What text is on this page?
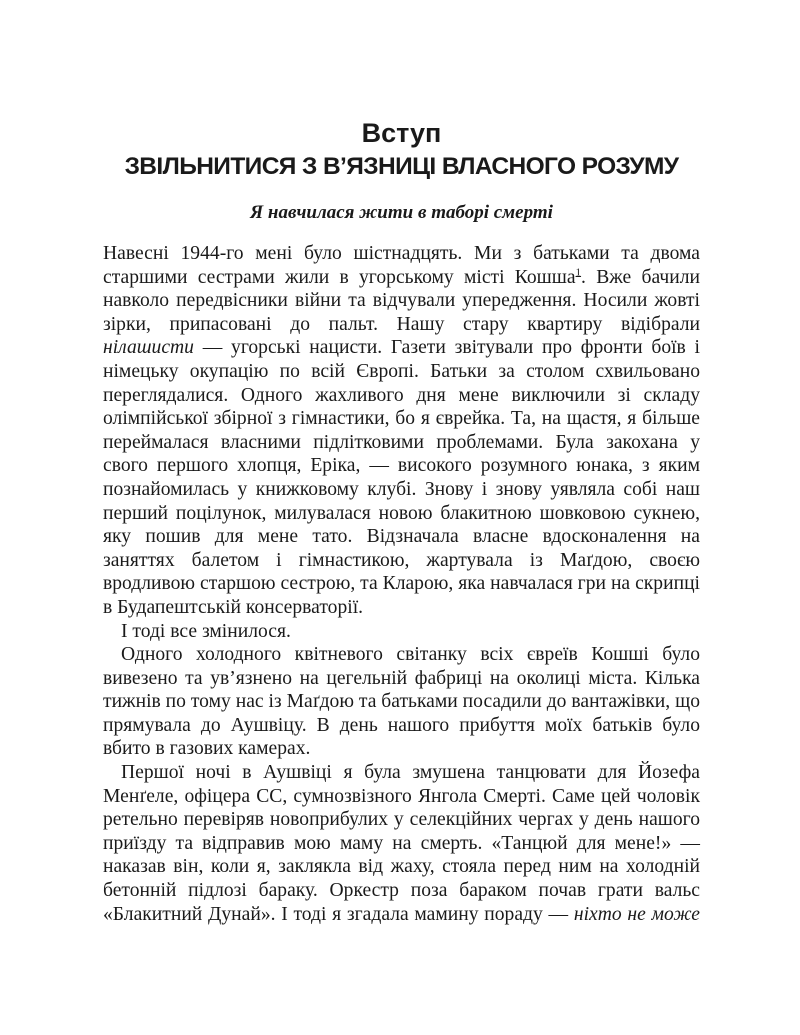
Вступ
ЗВІЛЬНИТИСЯ З В’ЯЗНИЦІ ВЛАСНОГО РОЗУМУ

Я навчилася жити в таборі смерті

Навесні 1944-го мені було шістнадцять. Ми з батьками та двома
старшими сестрами жили в угорському місті Кошша$^1$. Вже бачили
навколо передвісники війни та відчували упередження. Носили жовті
зірки, припасовані до пальт. Нашу стару квартиру відібрали
нілашисти — угорські нацисти. Газети звітували про фронти боїв і
німецьку окупацію по всій Європі. Батьки за столом схвильовано
переглядалися. Одного жахливого дня мене виключили зі складу
олімпійської збірної з гімнастики, бо я єврейка. Та, на щастя, я більше
переймалася власними підлітковими проблемами. Була закохана у
свого першого хлопця, Еріка, — високого розумного юнака, з яким
познайомилась у книжковому клубі. Знову і знову уявляла собі наш
перший поцілунок, милувалася новою блакитною шовковою сукнею,
яку пошив для мене тато. Відзначала власне вдосконалення на
заняттях балетом і гімнастикою, жартувала із Маґдою, своєю
вродливою старшою сестрою, та Кларою, яка навчалася гри на скрипці
в Будапештській консерваторії.

І тоді все змінилося.

Одного холодного квітневого світанку всіх євреїв Кошші було
вивезено та ув’язнено на цегельній фабриці на околиці міста. Кілька
тижнів по тому нас із Маґдою та батьками посадили до вантажівки, що
прямувала до Аушвіцу. В день нашого прибуття моїх батьків було
вбито в газових камерах.

Першої ночі в Аушвіці я була змушена танцювати для Йозефа
Менґеле, офіцера СС, сумнозвізного Янгола Смерті. Саме цей чоловік
ретельно перевіряв новоприбулих у селекційних чергах у день нашого
приїзду та відправив мою маму на смерть. «Танцюй для мене!» —
наказав він, коли я, заклякла від жаху, стояла перед ним на холодній
бетонній підлозі бараку. Оркестр поза бараком почав грати вальс
«Блакитний Дунай». І тоді я згадала мамину пораду — ніхто не може
